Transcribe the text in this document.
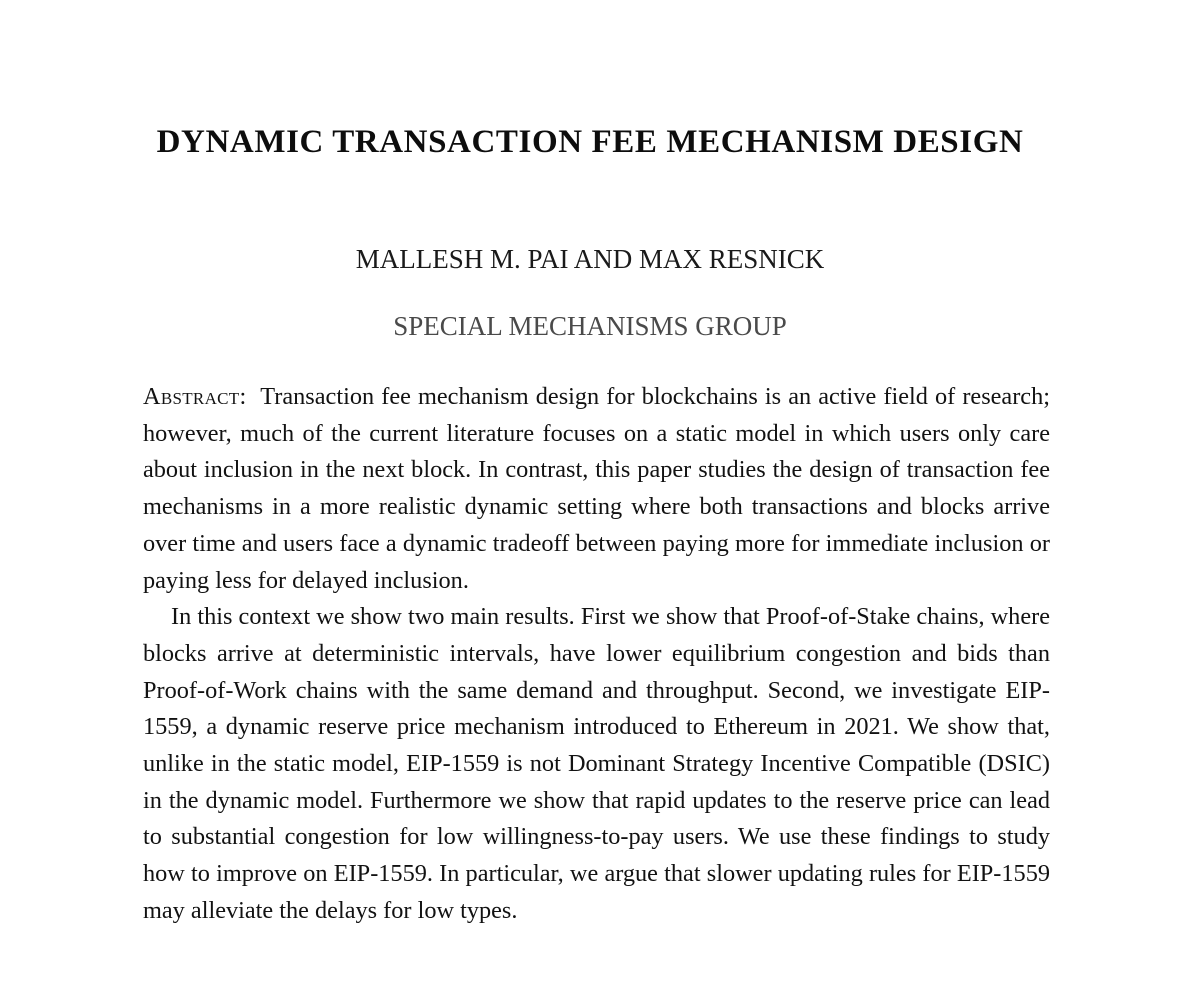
DYNAMIC TRANSACTION FEE MECHANISM DESIGN
MALLESH M. PAI AND MAX RESNICK
SPECIAL MECHANISMS GROUP

Abstract: Transaction fee mechanism design for blockchains is an active field of research; however, much of the current literature focuses on a static model in which users only care about inclusion in the next block. In contrast, this paper studies the design of transaction fee mechanisms in a more realistic dynamic setting where both transactions and blocks arrive over time and users face a dynamic tradeoff between paying more for immediate inclusion or paying less for delayed inclusion.

In this context we show two main results. First we show that Proof-of-Stake chains, where blocks arrive at deterministic intervals, have lower equilibrium congestion and bids than Proof-of-Work chains with the same demand and throughput. Second, we investigate EIP-1559, a dynamic reserve price mechanism introduced to Ethereum in 2021. We show that, unlike in the static model, EIP-1559 is not Dominant Strategy Incentive Compatible (DSIC) in the dynamic model. Furthermore we show that rapid updates to the reserve price can lead to substantial congestion for low willingness-to-pay users. We use these findings to study how to improve on EIP-1559. In particular, we argue that slower updating rules for EIP-1559 may alleviate the delays for low types.
